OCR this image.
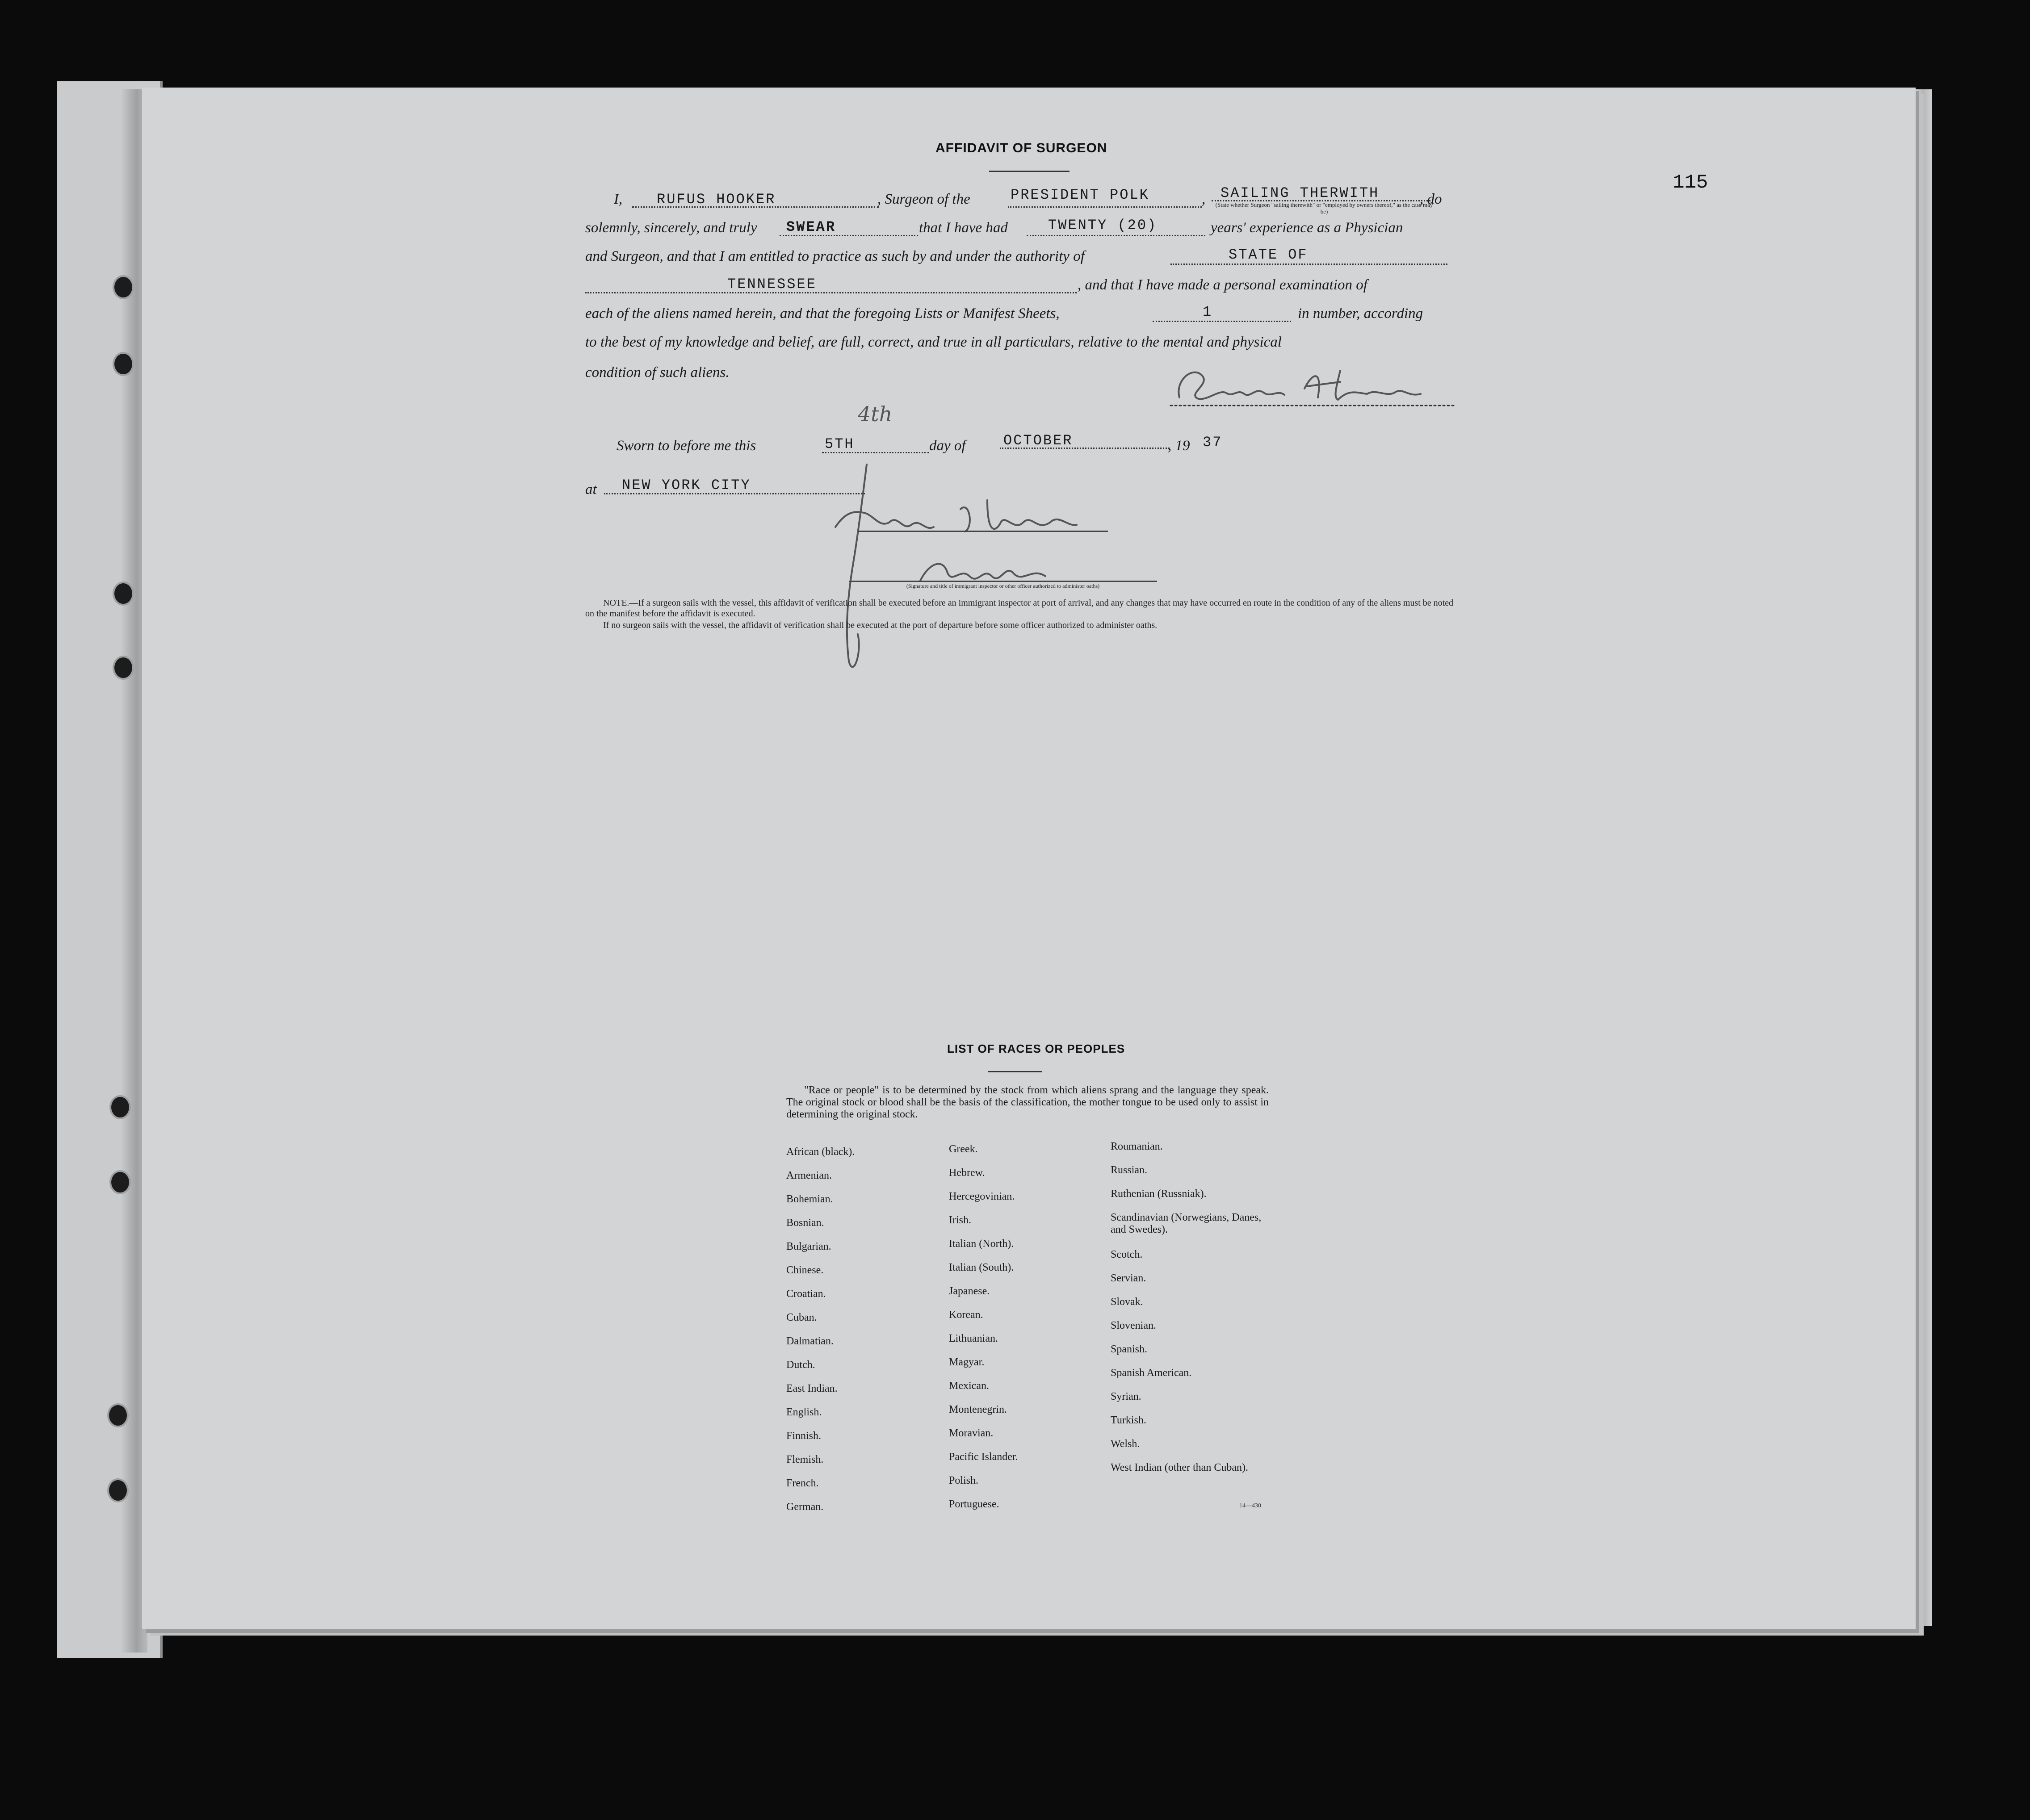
115
AFFIDAVIT OF SURGEON
I, RUFUS HOOKER	, Surgeon of the	PRESIDENT POLK	, SAILING THERWITH
(State whether Surgeon "sailing therewith" or "employed by owners thereof," as the case may be)
, do
solemnly, sincerely, and truly SWEAR	that I have had	TWENTY (20)	years' experience as a Physician
and Surgeon, and that I am entitled to practice as such by and under the authority of	STATE OF
TENNESSEE	, and that I have made a personal examination of
each of the aliens named herein, and that the foregoing Lists or Manifest Sheets,	1	in number, according
to the best of my knowledge and belief, are full, correct, and true in all particulars, relative to the mental and physical
condition of such aliens.
Sworn to before me this	5TH
4th
day of	OCTOBER	, 19 37
at NEW YORK CITY
(Signature and title of immigrant inspector or other officer authorized to administer oaths)
NOTE.—If a surgeon sails with the vessel, this affidavit of verification shall be executed before an immigrant inspector at port of arrival, and any changes that may have occurred en route in the condition of any of the aliens must be noted on the manifest before the affidavit is executed.
If no surgeon sails with the vessel, the affidavit of verification shall be executed at the port of departure before some officer authorized to administer oaths.
LIST OF RACES OR PEOPLES
"Race or people" is to be determined by the stock from which aliens sprang and the language they speak. The original stock or blood shall be the basis of the classification, the mother tongue to be used only to assist in determining the original stock.
African (black).
Armenian.
Bohemian.
Bosnian.
Bulgarian.
Chinese.
Croatian.
Cuban.
Dalmatian.
Dutch.
East Indian.
English.
Finnish.
Flemish.
French.
German.
Greek.
Hebrew.
Hercegovinian.
Irish.
Italian (North).
Italian (South).
Japanese.
Korean.
Lithuanian.
Magyar.
Mexican.
Montenegrin.
Moravian.
Pacific Islander.
Polish.
Portuguese.
Roumanian.
Russian.
Ruthenian (Russniak).
Scandinavian (Norwegians, Danes, and Swedes).
Scotch.
Servian.
Slovak.
Slovenian.
Spanish.
Spanish American.
Syrian.
Turkish.
Welsh.
West Indian (other than Cuban).
14—430
